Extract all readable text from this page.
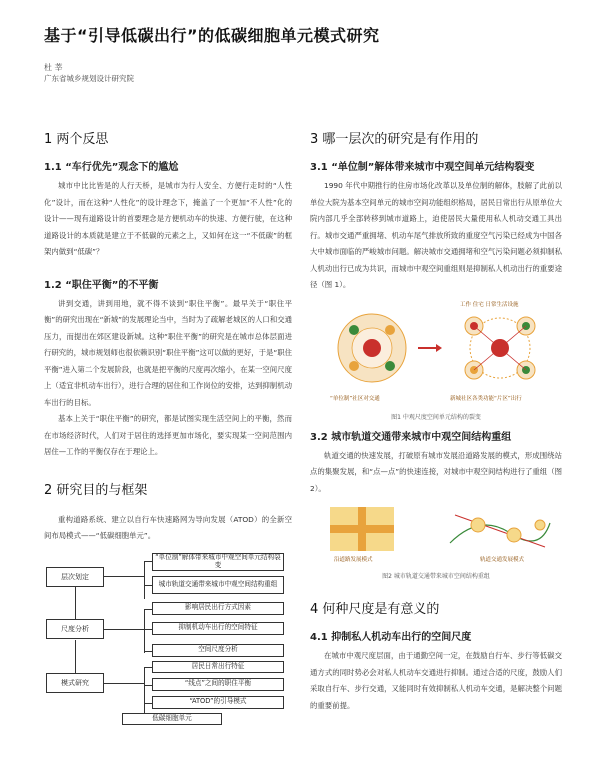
基于“引导低碳出行”的低碳细胞单元模式研究
杜 莘
广东省城乡规划设计研究院
1 两个反思
1.1 “车行优先”观念下的尴尬

城市中比比皆是的人行天桥，是城市为行人安全、方便行走时的“人性化”设计，而在这种“人性化”的设计理念下，掩盖了一个更加“不人性”化的设计——现有道路设计的首要理念是方便机动车的快速、方便行驶，在这种道路设计的本质就是建立于不低碳的元素之上，又如何在这一“不低碳”的框架内做到“低碳”？

1.2 “职住平衡”的不平衡

讲到交通，讲到用地，就不得不谈到“职住平衡”。最早关于“职住平衡”的研究出现在“新城”的发展理论当中，当时为了疏解老城区的人口和交通压力，而提出在郊区建设新城。这种“职住平衡”的研究是在城市总体层面进行研究的，城市规划师也很依赖识别“职住平衡”这可以做的更好，于是“职住平衡”进入第二个发展阶段，也就是把平衡的尺度再次缩小，在某一空间尺度上（适宜非机动车出行），进行合理的居住和工作岗位的安排，达到抑制机动车出行的目标。

基本上关于“职住平衡”的研究，都是试图实现生活空间上的平衡，然而在市场经济时代，人们对于居住的选择更加市场化，要实现某一空间范围内居住—工作的平衡仅存在于理论上。

2 研究目的与框架

重构道路系统、建立以自行车快速路网为导向发展（ATOD）的全新空间布局模式——“低碳细胞单元”。

层次划定
尺度分析
模式研究
“单位制”解体带来城市中观空间单元结构裂变
城市轨道交通带来城市中观空间结构重组
影响居民出行方式因素
抑制机动车出行的空间特征
空间尺度分析
居民日常出行特征
“线点”之间的职住平衡
“ATOD”的引导模式
低碳细胞单元
3 哪一层次的研究是有作用的
3.1 “单位制”解体带来城市中观空间单元结构裂变

1990 年代中期推行的住房市场化改革以及单位制的解体，肢解了此前以单位大院为基本空间单元的城市空间功能组织格局，居民日常出行从原单位大院内部几乎全部转移到城市道路上，迫使居民大量使用私人机动交通工具出行。城市交通严重拥堵、机动车尾气排放所致的重度空气污染已经成为中国各大中城市面临的严峻城市问题。解决城市交通拥堵和空气污染问题必须抑制私人机动出行已成为共识，而城市中观空间重组则是抑制私人机动出行的重要途径（图 1）。

工作 住宅 日常生活设施
“单位制”社区对交通	新城社区各类功能“片区”出行
图1 中观尺度空间单元结构的裂变
3.2 城市轨道交通带来城市中观空间结构重组

轨道交通的快速发展，打破原有城市发展沿道路发展的模式，形成围绕站点的集聚发展，和“点—点”的快速连接，对城市中观空间结构进行了重组（图 2）。

沿道路发展模式	轨道交通发展模式
图2 城市轨道交通带来城市空间结构重组
4 何种尺度是有意义的
4.1 抑制私人机动车出行的空间尺度

在城市中观尺度层面，由于通勤空间一定，在鼓励自行车、步行等低碳交通方式的同时势必会对私人机动车交通进行抑制。通过合适的尺度，鼓励人们采取自行车、步行交通，又能同时有效抑制私人机动车交通，是解决整个问题的重要前提。
